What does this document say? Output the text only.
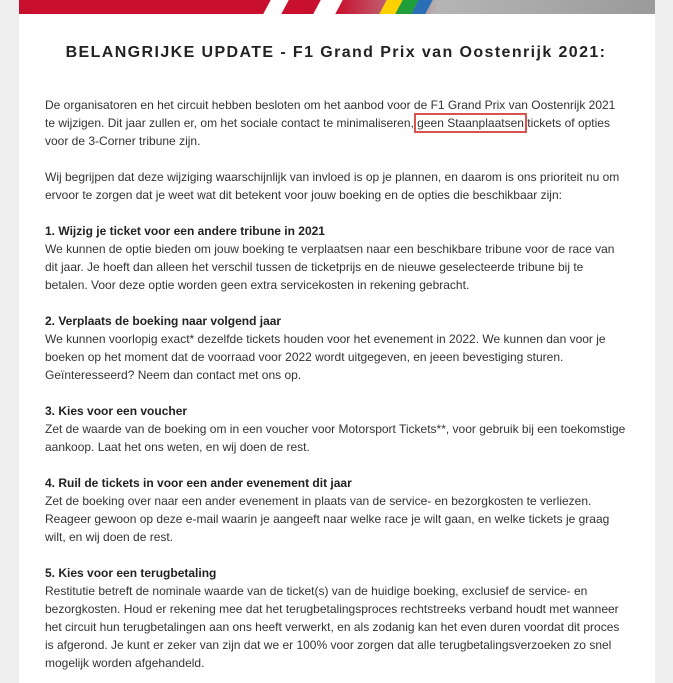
BELANGRIJKE UPDATE - F1 Grand Prix van Oostenrijk 2021:

De organisatoren en het circuit hebben besloten om het aanbod voor de F1 Grand Prix van Oostenrijk 2021 te wijzigen. Dit jaar zullen er, om het sociale contact te minimaliseren, geen Staanplaatsen tickets of opties voor de 3-Corner tribune zijn.

Wij begrijpen dat deze wijziging waarschijnlijk van invloed is op je plannen, en daarom is ons prioriteit nu om ervoor te zorgen dat je weet wat dit betekent voor jouw boeking en de opties die beschikbaar zijn:

1. Wijzig je ticket voor een andere tribune in 2021
We kunnen de optie bieden om jouw boeking te verplaatsen naar een beschikbare tribune voor de race van dit jaar. Je hoeft dan alleen het verschil tussen de ticketprijs en de nieuwe geselecteerde tribune bij te betalen. Voor deze optie worden geen extra servicekosten in rekening gebracht.

2. Verplaats de boeking naar volgend jaar
We kunnen voorlopig exact* dezelfde tickets houden voor het evenement in 2022. We kunnen dan voor je boeken op het moment dat de voorraad voor 2022 wordt uitgegeven, en jeeen bevestiging sturen. Geïnteresseerd? Neem dan contact met ons op.

3. Kies voor een voucher
Zet de waarde van de boeking om in een voucher voor Motorsport Tickets**, voor gebruik bij een toekomstige aankoop. Laat het ons weten, en wij doen de rest.

4. Ruil de tickets in voor een ander evenement dit jaar
Zet de boeking over naar een ander evenement in plaats van de service- en bezorgkosten te verliezen. Reageer gewoon op deze e-mail waarin je aangeeft naar welke race je wilt gaan, en welke tickets je graag wilt, en wij doen de rest.

5. Kies voor een terugbetaling
Restitutie betreft de nominale waarde van de ticket(s) van de huidige boeking, exclusief de service- en bezorgkosten. Houd er rekening mee dat het terugbetalingsproces rechtstreeks verband houdt met wanneer het circuit hun terugbetalingen aan ons heeft verwerkt, en als zodanig kan het even duren voordat dit proces is afgerond. Je kunt er zeker van zijn dat we er 100% voor zorgen dat alle terugbetalingsverzoeken zo snel mogelijk worden afgehandeld.
